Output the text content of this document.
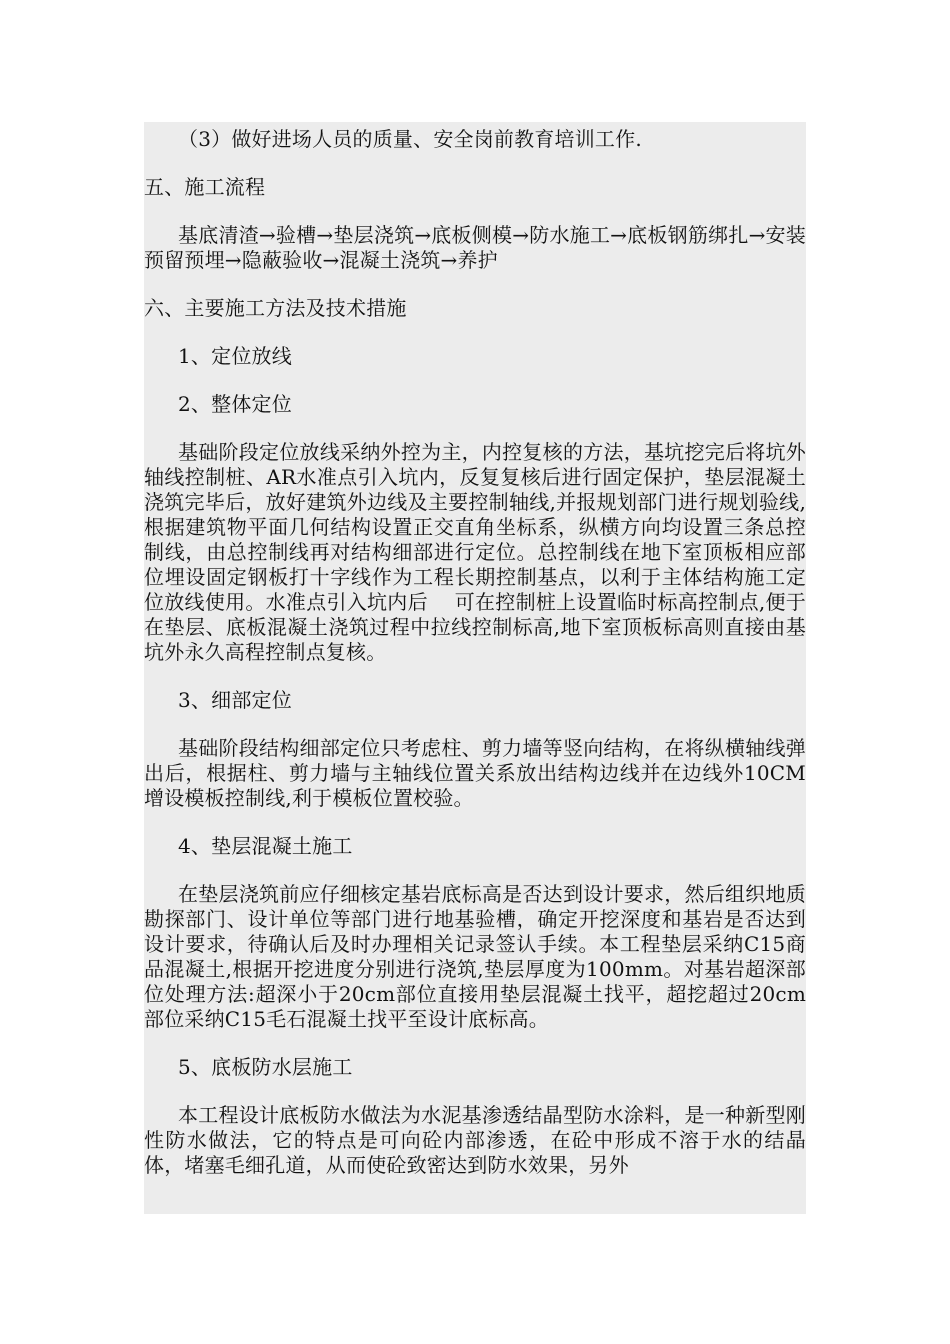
（3）做好进场人员的质量、安全岗前教育培训工作.

五、施工流程

基底清渣→验槽→垫层浇筑→底板侧模→防水施工→底板钢筋绑扎→安装预留预埋→隐蔽验收→混凝土浇筑→养护

六、主要施工方法及技术措施

1、定位放线

2、整体定位

基础阶段定位放线采纳外控为主，内控复核的方法，基坑挖完后将坑外轴线控制桩、AR水准点引入坑内，反复复核后进行固定保护，垫层混凝土浇筑完毕后，放好建筑外边线及主要控制轴线,并报规划部门进行规划验线,根据建筑物平面几何结构设置正交直角坐标系，纵横方向均设置三条总控制线，由总控制线再对结构细部进行定位。总控制线在地下室顶板相应部位埋设固定钢板打十字线作为工程长期控制基点，以利于主体结构施工定位放线使用。水准点引入坑内后　 可在控制桩上设置临时标高控制点,便于在垫层、底板混凝土浇筑过程中拉线控制标高,地下室顶板标高则直接由基坑外永久高程控制点复核。

3、细部定位

基础阶段结构细部定位只考虑柱、剪力墙等竖向结构，在将纵横轴线弹出后，根据柱、剪力墙与主轴线位置关系放出结构边线并在边线外10CM增设模板控制线,利于模板位置校验。

4、垫层混凝土施工

在垫层浇筑前应仔细核定基岩底标高是否达到设计要求，然后组织地质勘探部门、设计单位等部门进行地基验槽，确定开挖深度和基岩是否达到设计要求，待确认后及时办理相关记录签认手续。本工程垫层采纳C15商品混凝土,根据开挖进度分别进行浇筑,垫层厚度为100mm。对基岩超深部位处理方法:超深小于20cm部位直接用垫层混凝土找平，超挖超过20cm部位采纳C15毛石混凝土找平至设计底标高。

5、底板防水层施工

本工程设计底板防水做法为水泥基渗透结晶型防水涂料，是一种新型刚性防水做法，它的特点是可向砼内部渗透，在砼中形成不溶于水的结晶体，堵塞毛细孔道，从而使砼致密达到防水效果，另外
